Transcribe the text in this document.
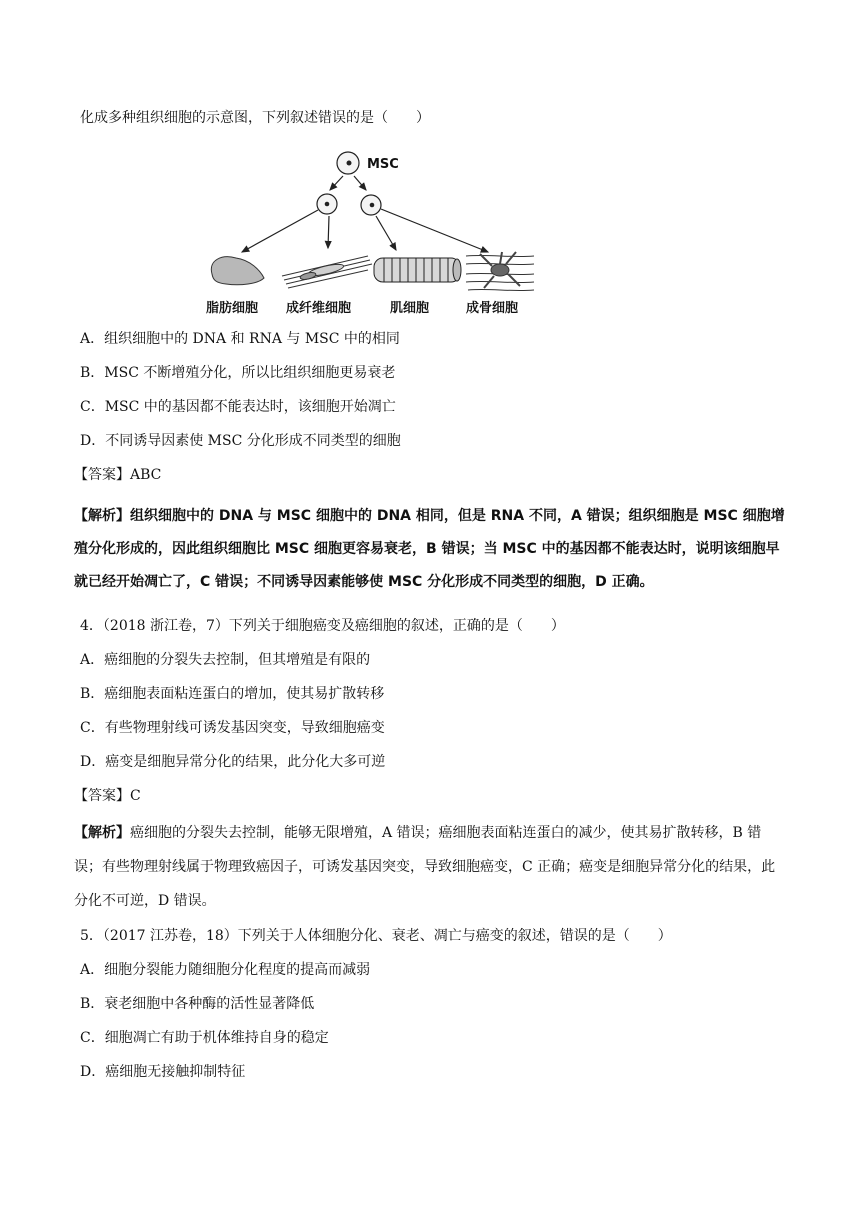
化成多种组织细胞的示意图，下列叙述错误的是（　　）
MSC
脂肪细胞 成纤维细胞	肌细胞	成骨细胞
A．组织细胞中的 DNA 和 RNA 与 MSC 中的相同
B．MSC 不断增殖分化，所以比组织细胞更易衰老
C．MSC 中的基因都不能表达时，该细胞开始凋亡
D．不同诱导因素使 MSC 分化形成不同类型的细胞
【答案】ABC
【解析】组织细胞中的 DNA 与 MSC 细胞中的 DNA 相同，但是 RNA 不同，A 错误；组织细胞是 MSC 细胞增殖分化形成的，因此组织细胞比 MSC 细胞更容易衰老，B 错误；当 MSC 中的基因都不能表达时，说明该细胞早就已经开始凋亡了，C 错误；不同诱导因素能够使 MSC 分化形成不同类型的细胞，D 正确。
4．（2018 浙江卷，7）下列关于细胞癌变及癌细胞的叙述，正确的是（　　）
A．癌细胞的分裂失去控制，但其增殖是有限的
B．癌细胞表面粘连蛋白的增加，使其易扩散转移
C．有些物理射线可诱发基因突变，导致细胞癌变
D．癌变是细胞异常分化的结果，此分化大多可逆
【答案】C
【解析】癌细胞的分裂失去控制，能够无限增殖，A 错误；癌细胞表面粘连蛋白的减少，使其易扩散转移，B 错误；有些物理射线属于物理致癌因子，可诱发基因突变，导致细胞癌变，C 正确；癌变是细胞异常分化的结果，此分化不可逆，D 错误。
5．（2017 江苏卷，18）下列关于人体细胞分化、衰老、凋亡与癌变的叙述，错误的是（　　）
A．细胞分裂能力随细胞分化程度的提高而减弱
B．衰老细胞中各种酶的活性显著降低
C．细胞凋亡有助于机体维持自身的稳定
D．癌细胞无接触抑制特征
